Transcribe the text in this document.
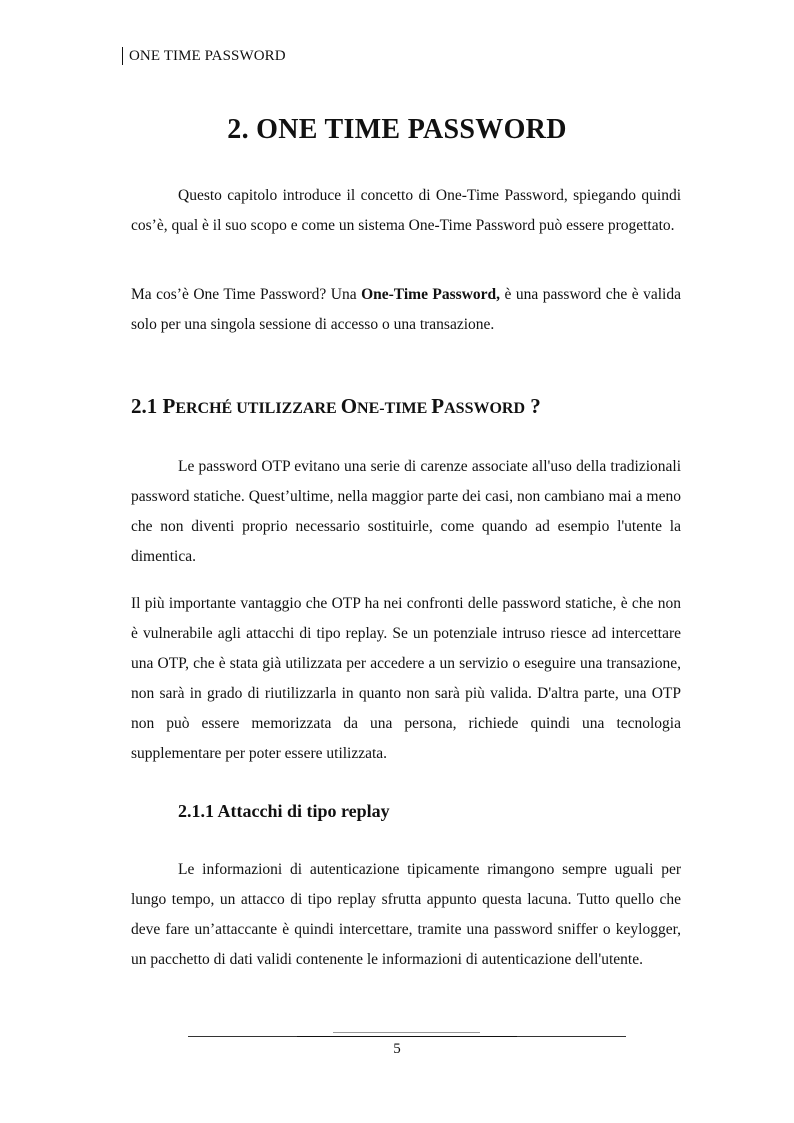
ONE TIME PASSWORD
2. ONE TIME PASSWORD

Questo capitolo introduce il concetto di One-Time Password, spiegando quindi cos’è, qual è il suo scopo e come un sistema One-Time Password può essere progettato.

Ma cos’è One Time Password? Una One-Time Password, è una password che è valida solo per una singola sessione di accesso o una transazione.

2.1 PERCHÉ UTILIZZARE ONE-TIME PASSWORD ?

Le password OTP evitano una serie di carenze associate all'uso della tradizionali password statiche. Quest’ultime, nella maggior parte dei casi, non cambiano mai a meno che non diventi proprio necessario sostituirle, come quando ad esempio l'utente la dimentica.

Il più importante vantaggio che OTP ha nei confronti delle password statiche, è che non è vulnerabile agli attacchi di tipo replay. Se un potenziale intruso riesce ad intercettare una OTP, che è stata già utilizzata per accedere a un servizio o eseguire una transazione, non sarà in grado di riutilizzarla in quanto non sarà più valida. D'altra parte, una OTP non può essere memorizzata da una persona, richiede quindi una tecnologia supplementare per poter essere utilizzata.

2.1.1 Attacchi di tipo replay

Le informazioni di autenticazione tipicamente rimangono sempre uguali per lungo tempo, un attacco di tipo replay sfrutta appunto questa lacuna. Tutto quello che deve fare un’attaccante è quindi intercettare, tramite una password sniffer o keylogger, un pacchetto di dati validi contenente le informazioni di autenticazione dell'utente.

5
